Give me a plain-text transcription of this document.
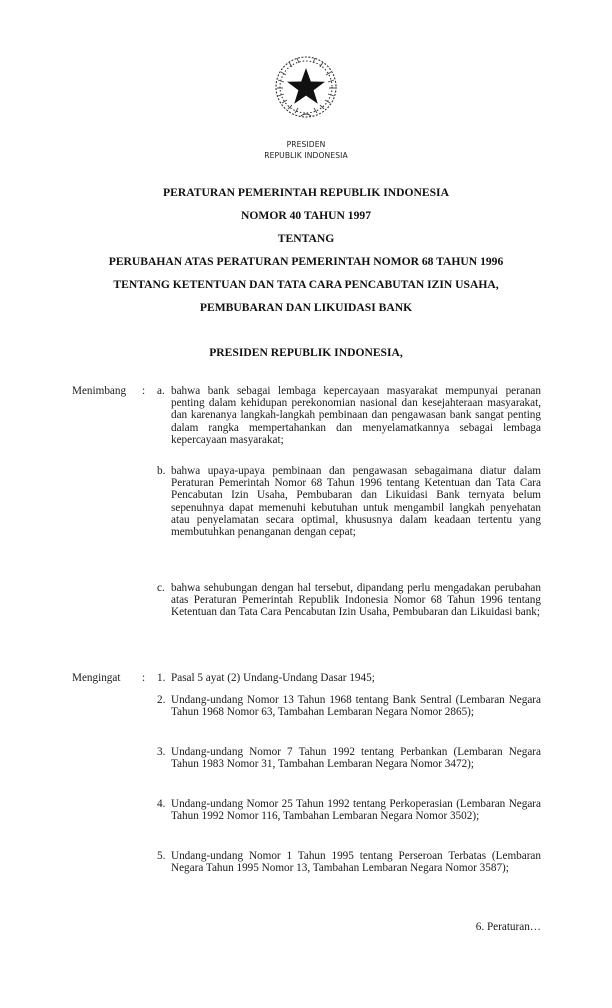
PRESIDEN
REPUBLIK INDONESIA
PERATURAN PEMERINTAH REPUBLIK INDONESIA
NOMOR 40 TAHUN 1997
TENTANG
PERUBAHAN ATAS PERATURAN PEMERINTAH NOMOR 68 TAHUN 1996
TENTANG KETENTUAN DAN TATA CARA PENCABUTAN IZIN USAHA,
PEMBUBARAN DAN LIKUIDASI BANK
PRESIDEN REPUBLIK INDONESIA,
Menimbang : a. bahwa bank sebagai lembaga kepercayaan masyarakat mempunyai peranan penting dalam kehidupan perekonomian nasional dan kesejahteraan masyarakat, dan karenanya langkah-langkah pembinaan dan pengawasan bank sangat penting dalam rangka mempertahankan dan menyelamatkannya sebagai lembaga kepercayaan masyarakat;
b. bahwa upaya-upaya pembinaan dan pengawasan sebagaimana diatur dalam Peraturan Pemerintah Nomor 68 Tahun 1996 tentang Ketentuan dan Tata Cara Pencabutan Izin Usaha, Pembubaran dan Likuidasi Bank ternyata belum sepenuhnya dapat memenuhi kebutuhan untuk mengambil langkah penyehatan atau penyelamatan secara optimal, khususnya dalam keadaan tertentu yang membutuhkan penanganan dengan cepat;
c. bahwa sehubungan dengan hal tersebut, dipandang perlu mengadakan perubahan atas Peraturan Pemerintah Republik Indonesia Nomor 68 Tahun 1996 tentang Ketentuan dan Tata Cara Pencabutan Izin Usaha, Pembubaran dan Likuidasi bank;
Mengingat : 1. Pasal 5 ayat (2) Undang-Undang Dasar 1945;
2. Undang-undang Nomor 13 Tahun 1968 tentang Bank Sentral (Lembaran Negara Tahun 1968 Nomor 63, Tambahan Lembaran Negara Nomor 2865);
3. Undang-undang Nomor 7 Tahun 1992 tentang Perbankan (Lembaran Negara Tahun 1983 Nomor 31, Tambahan Lembaran Negara Nomor 3472);
4. Undang-undang Nomor 25 Tahun 1992 tentang Perkoperasian (Lembaran Negara Tahun 1992 Nomor 116, Tambahan Lembaran Negara Nomor 3502);
5. Undang-undang Nomor 1 Tahun 1995 tentang Perseroan Terbatas (Lembaran Negara Tahun 1995 Nomor 13, Tambahan Lembaran Negara Nomor 3587);
6. Peraturan…
